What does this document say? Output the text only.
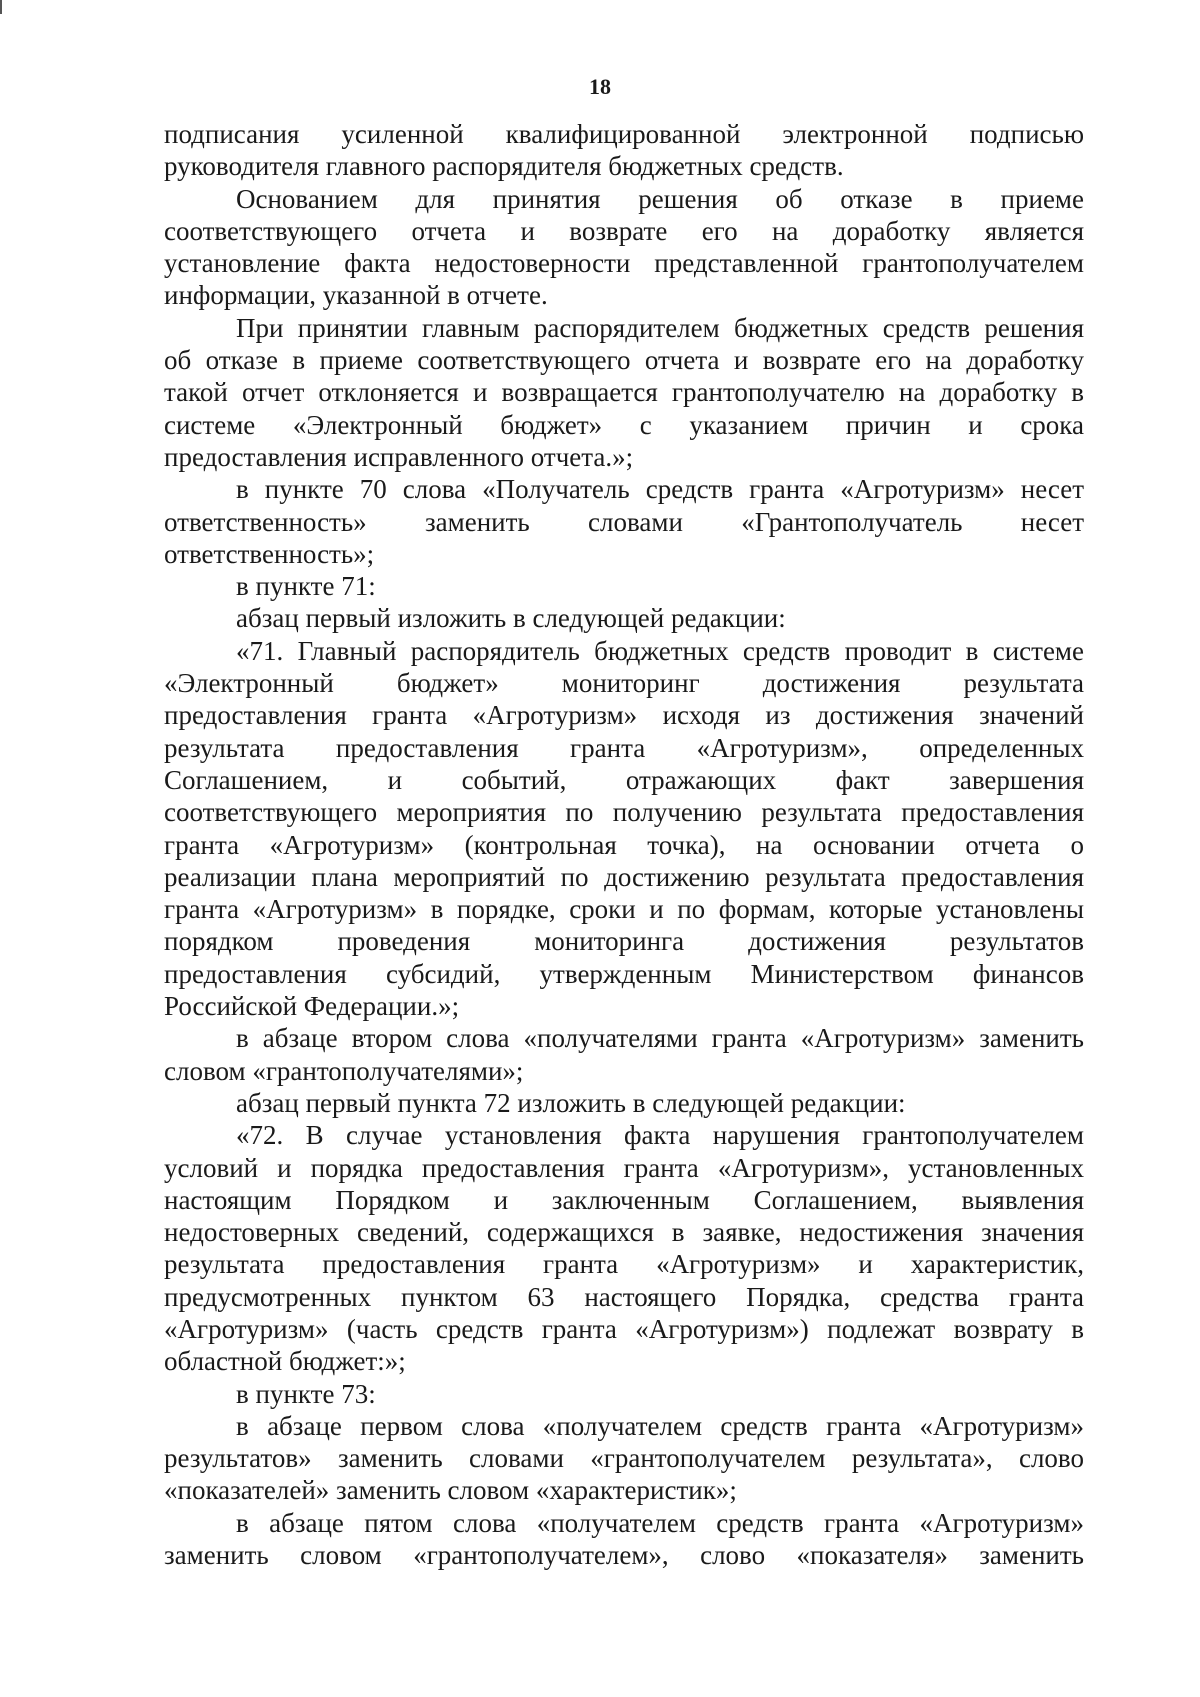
18
подписания усиленной квалифицированной электронной подписью
руководителя главного распорядителя бюджетных средств.
Основанием для принятия решения об отказе в приеме
соответствующего отчета и возврате его на доработку является
установление факта недостоверности представленной грантополучателем
информации, указанной в отчете.
При принятии главным распорядителем бюджетных средств решения
об отказе в приеме соответствующего отчета и возврате его на доработку
такой отчет отклоняется и возвращается грантополучателю на доработку в
системе «Электронный бюджет» с указанием причин и срока
предоставления исправленного отчета.»;
в пункте 70 слова «Получатель средств гранта «Агротуризм» несет
ответственность» заменить словами «Грантополучатель несет
ответственность»;
в пункте 71:
абзац первый изложить в следующей редакции:
«71. Главный распорядитель бюджетных средств проводит в системе
«Электронный бюджет» мониторинг достижения результата
предоставления гранта «Агротуризм» исходя из достижения значений
результата предоставления гранта «Агротуризм», определенных
Соглашением, и событий, отражающих факт завершения
соответствующего мероприятия по получению результата предоставления
гранта «Агротуризм» (контрольная точка), на основании отчета о
реализации плана мероприятий по достижению результата предоставления
гранта «Агротуризм» в порядке, сроки и по формам, которые установлены
порядком проведения мониторинга достижения результатов
предоставления субсидий, утвержденным Министерством финансов
Российской Федерации.»;
в абзаце втором слова «получателями гранта «Агротуризм» заменить
словом «грантополучателями»;
абзац первый пункта 72 изложить в следующей редакции:
«72. В случае установления факта нарушения грантополучателем
условий и порядка предоставления гранта «Агротуризм», установленных
настоящим Порядком и заключенным Соглашением, выявления
недостоверных сведений, содержащихся в заявке, недостижения значения
результата предоставления гранта «Агротуризм» и характеристик,
предусмотренных пунктом 63 настоящего Порядка, средства гранта
«Агротуризм» (часть средств гранта «Агротуризм») подлежат возврату в
областной бюджет:»;
в пункте 73:
в абзаце первом слова «получателем средств гранта «Агротуризм»
результатов» заменить словами «грантополучателем результата», слово
«показателей» заменить словом «характеристик»;
в абзаце пятом слова «получателем средств гранта «Агротуризм»
заменить словом «грантополучателем», слово «показателя» заменить
